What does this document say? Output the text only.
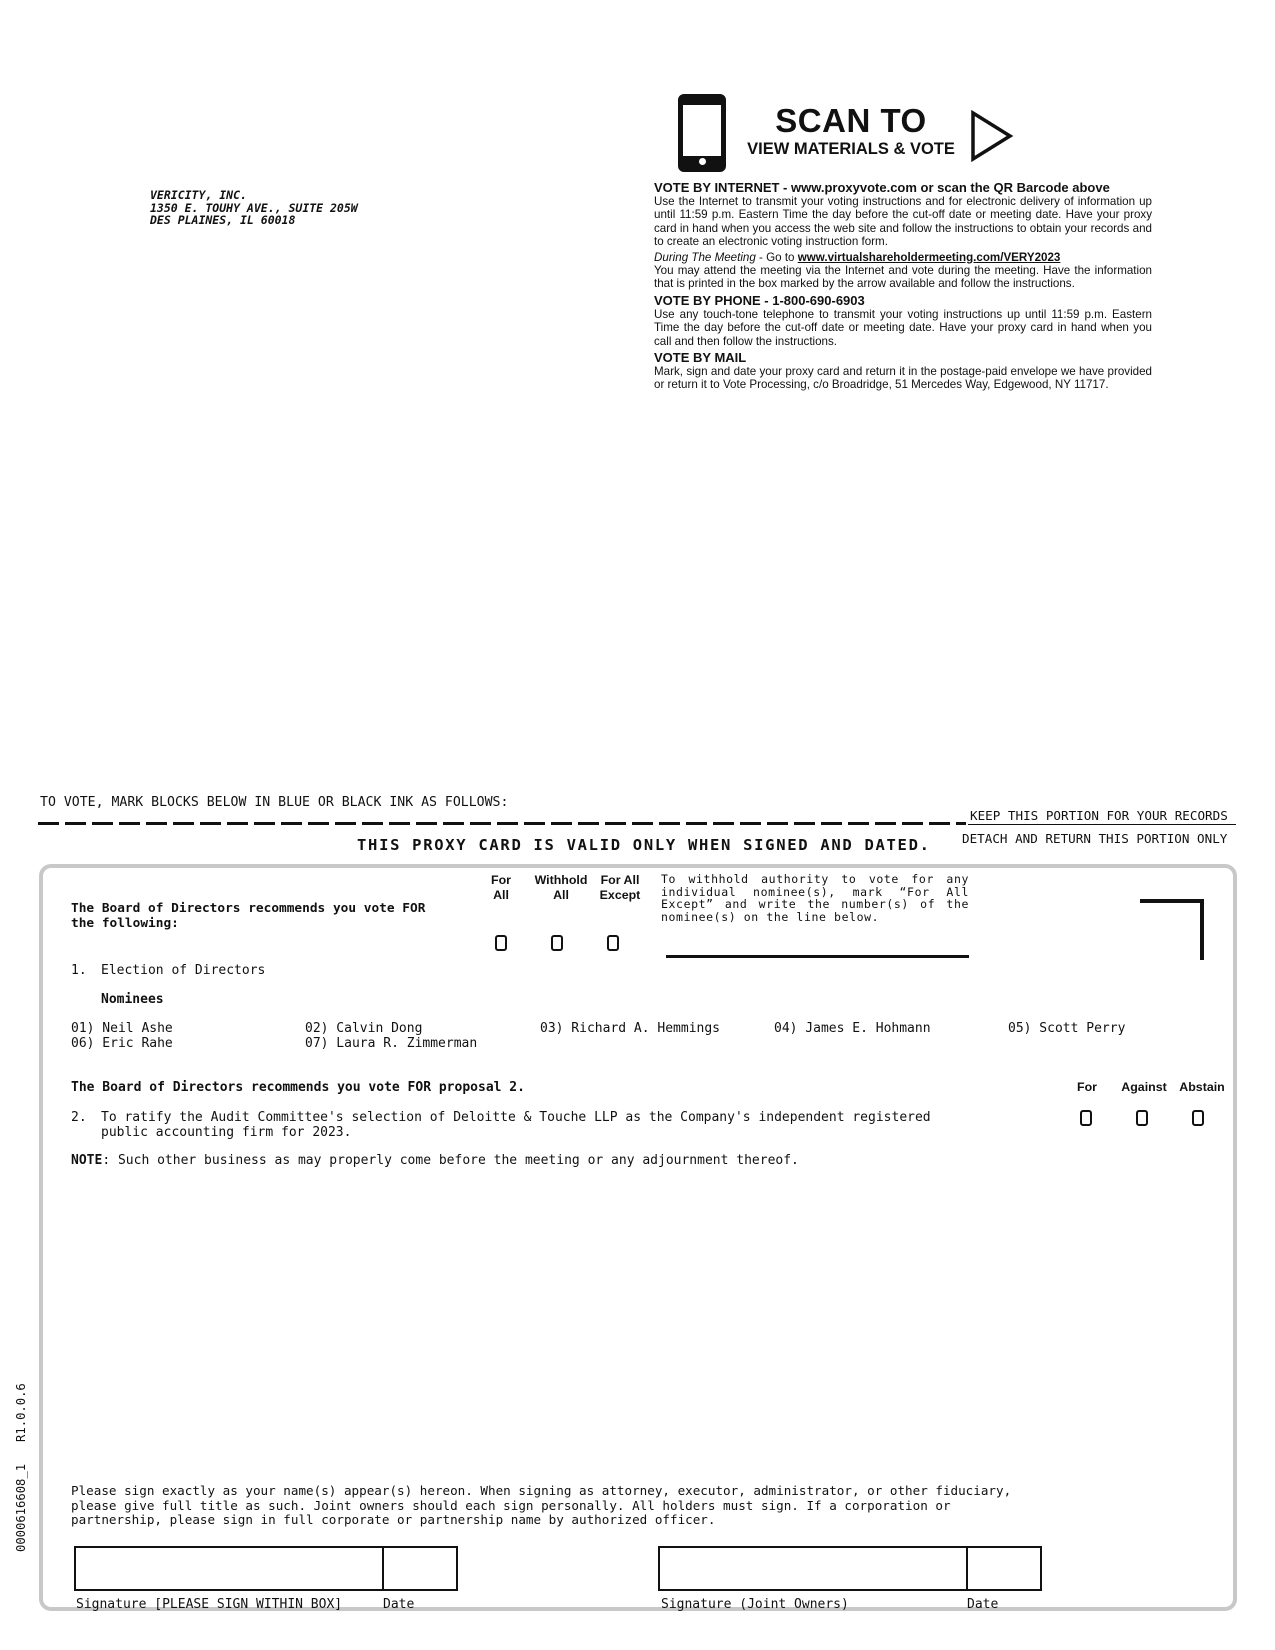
VERICITY, INC.
1350 E. TOUHY AVE., SUITE 205W
DES PLAINES, IL 60018
SCAN TO
VIEW MATERIALS & VOTE
VOTE BY INTERNET - www.proxyvote.com or scan the QR Barcode above

Use the Internet to transmit your voting instructions and for electronic delivery of information up until 11:59 p.m. Eastern Time the day before the cut-off date or meeting date. Have your proxy card in hand when you access the web site and follow the instructions to obtain your records and to create an electronic voting instruction form.

During The Meeting - Go to www.virtualshareholdermeeting.com/VERY2023

You may attend the meeting via the Internet and vote during the meeting. Have the information that is printed in the box marked by the arrow available and follow the instructions.

VOTE BY PHONE - 1-800-690-6903

Use any touch-tone telephone to transmit your voting instructions up until 11:59 p.m. Eastern Time the day before the cut-off date or meeting date. Have your proxy card in hand when you call and then follow the instructions.

VOTE BY MAIL

Mark, sign and date your proxy card and return it in the postage-paid envelope we have provided or return it to Vote Processing, c/o Broadridge, 51 Mercedes Way, Edgewood, NY 11717.

TO VOTE, MARK BLOCKS BELOW IN BLUE OR BLACK INK AS FOLLOWS:
KEEP THIS PORTION FOR YOUR RECORDS
DETACH AND RETURN THIS PORTION ONLY
THIS PROXY CARD IS VALID ONLY WHEN SIGNED AND DATED.
The Board of Directors recommends you vote FOR
the following:
For
All
Withhold
All
For All
Except
To withhold authority to vote for any individual nominee(s), mark “For All Except” and write the number(s) of the nominee(s) on the line below.
1. Election of Directors
Nominees
01) Neil Ashe	02) Calvin Dong	03) Richard A. Hemmings	04) James E. Hohmann	05) Scott Perry
06) Eric Rahe	07) Laura R. Zimmerman
The Board of Directors recommends you vote FOR proposal 2.	For	Against	Abstain
2. To ratify the Audit Committee's selection of Deloitte & Touche LLP as the Company's independent registered
public accounting firm for 2023.
NOTE: Such other business as may properly come before the meeting or any adjournment thereof.
Please sign exactly as your name(s) appear(s) hereon. When signing as attorney, executor, administrator, or other fiduciary,
please give full title as such. Joint owners should each sign personally. All holders must sign. If a corporation or
partnership, please sign in full corporate or partnership name by authorized officer.
Signature [PLEASE SIGN WITHIN BOX]	Date	Signature (Joint Owners)	Date
0000616608_1   R1.0.0.6
